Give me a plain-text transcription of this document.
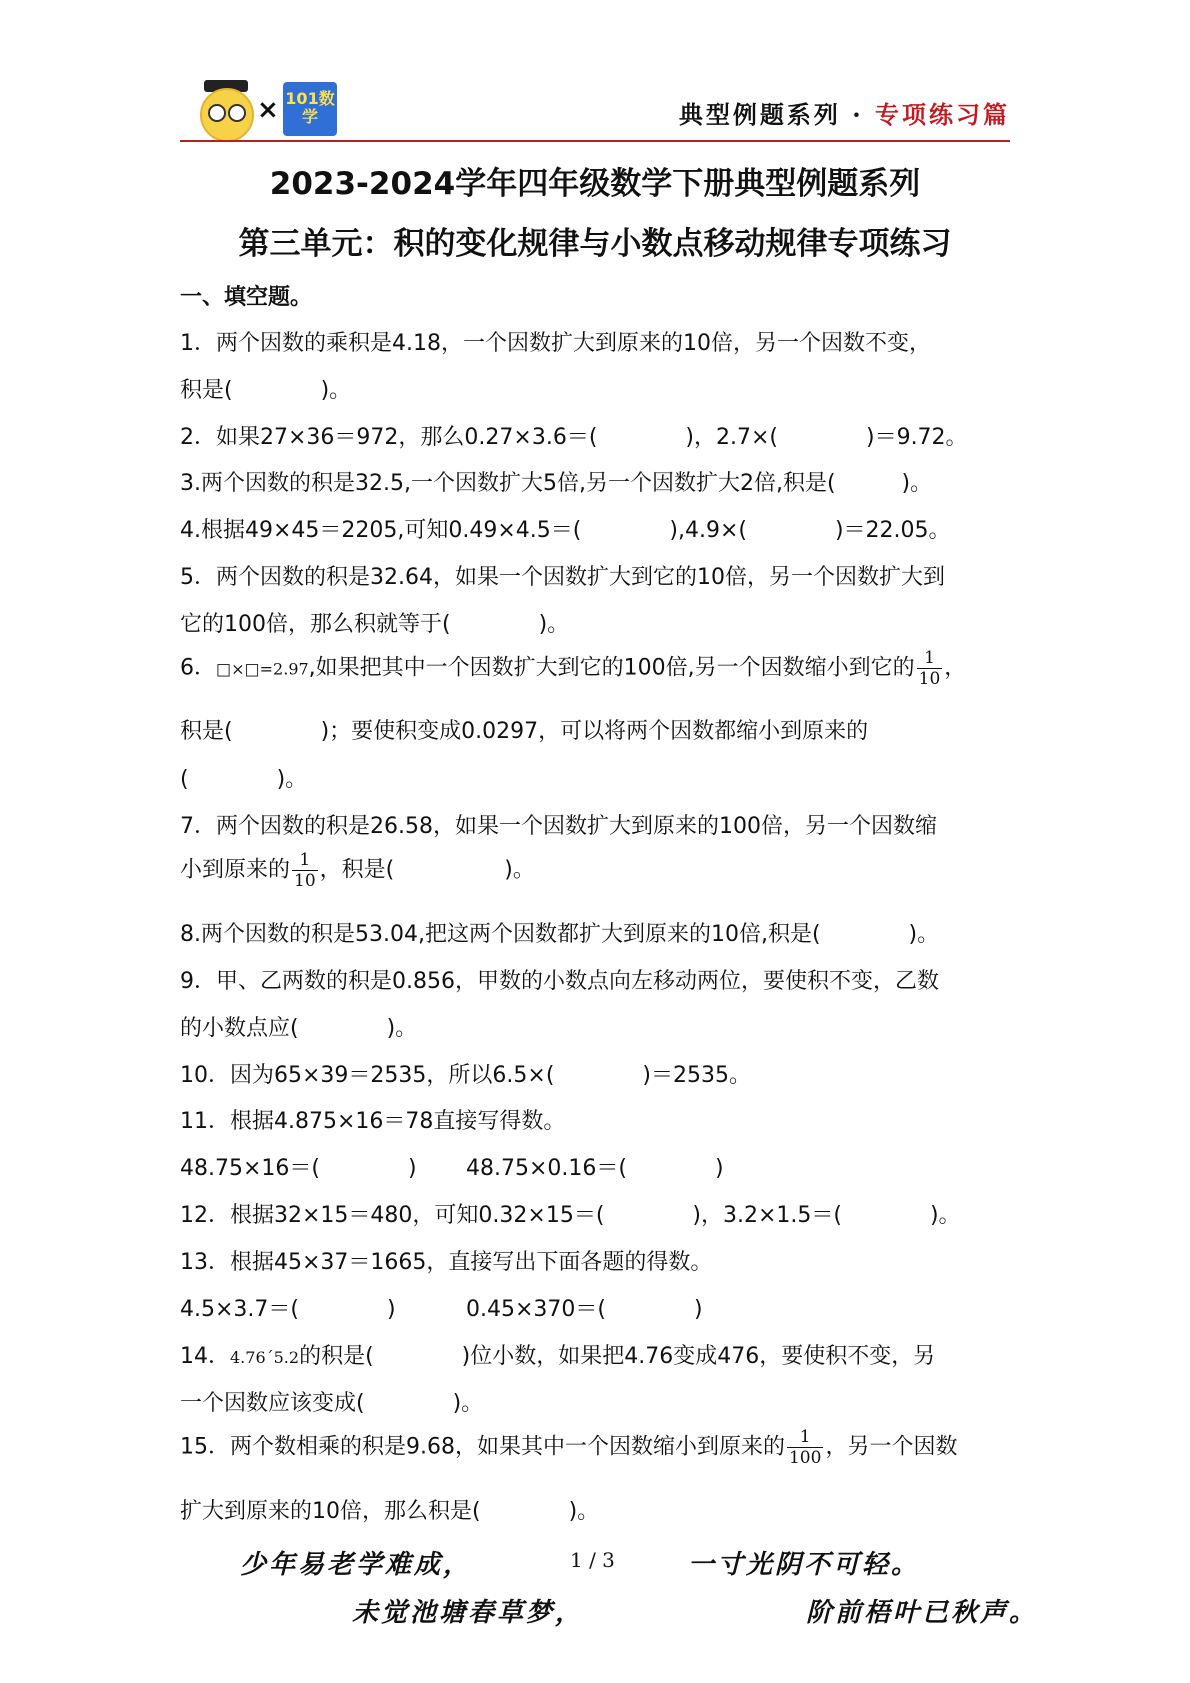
× 101数学	典型例题系列 · 专项练习篇
2023-2024学年四年级数学下册典型例题系列
第三单元：积的变化规律与小数点移动规律专项练习
一、填空题。
1．两个因数的乘积是4.18，一个因数扩大到原来的10倍，另一个因数不变，
积是(　　　　)。
2．如果27×36＝972，那么0.27×3.6＝(　　　　)，2.7×(　　　　)＝9.72。
3.两个因数的积是32.5,一个因数扩大5倍,另一个因数扩大2倍,积是(　　　)。
4.根据49×45＝2205,可知0.49×4.5＝(　　　　),4.9×(　　　　)＝22.05。
5．两个因数的积是32.64，如果一个因数扩大到它的10倍，另一个因数扩大到
它的100倍，那么积就等于(　　　　)。
6．□×□=2.97,如果把其中一个因数扩大到它的100倍,另一个因数缩小到它的 $\frac{1}{10}$ ，
积是(　　　　)；要使积变成0.0297，可以将两个因数都缩小到原来的
(　　　　)。
7．两个因数的积是26.58，如果一个因数扩大到原来的100倍，另一个因数缩
小到原来的 $\frac{1}{10}$ ，积是(　　　　　)。
8.两个因数的积是53.04,把这两个因数都扩大到原来的10倍,积是(　　　　)。
9．甲、乙两数的积是0.856，甲数的小数点向左移动两位，要使积不变，乙数
的小数点应(　　　　)。
10．因为65×39＝2535，所以6.5×(　　　　)＝2535。
11．根据4.875×16＝78直接写得数。
48.75×16＝(　　　　) 48.75×0.16＝(　　　　)
12．根据32×15＝480，可知0.32×15＝(　　　　)，3.2×1.5＝(　　　　)。
13．根据45×37＝1665，直接写出下面各题的得数。
4.5×3.7＝(　　　　)	0.45×370＝(　　　　)
14．4.76´5.2的积是(　　　　)位小数，如果把4.76变成476，要使积不变，另
一个因数应该变成(　　　　)。
15．两个数相乘的积是9.68，如果其中一个因数缩小到原来的 $\frac{1}{100}$ ，另一个因数
扩大到原来的10倍，那么积是(　　　　)。
少年易老学难成，	1 / 3	一寸光阴不可轻。
未觉池塘春草梦，	阶前梧叶已秋声。
